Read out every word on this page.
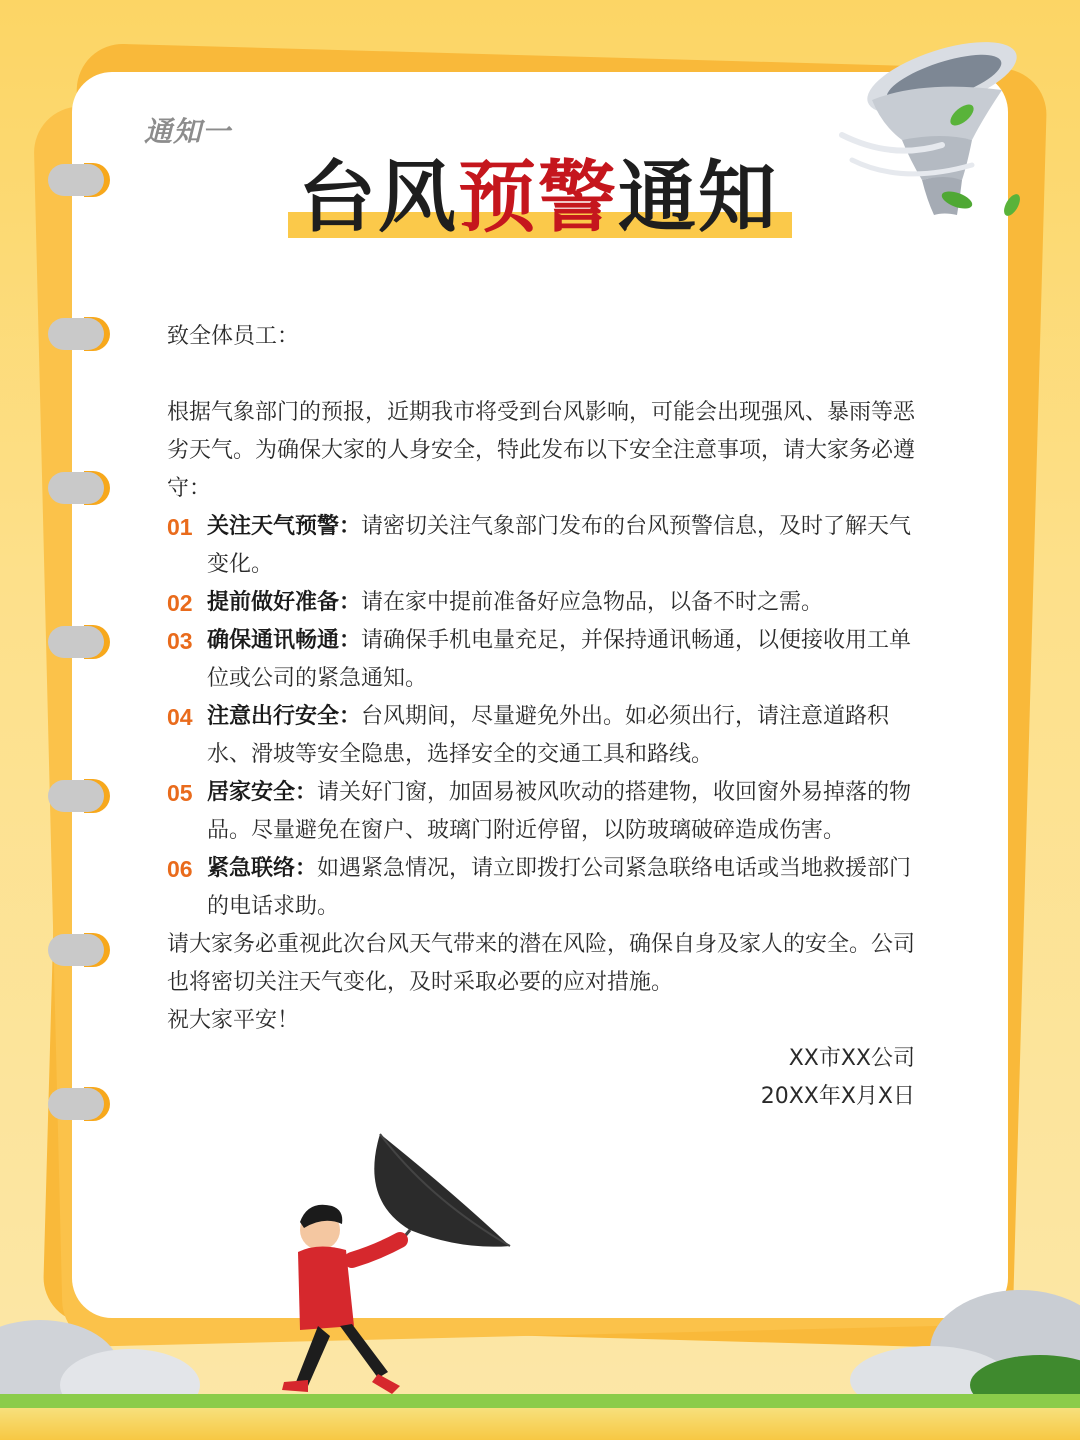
通知一
台风预警通知

致全体员工：

根据气象部门的预报，近期我市将受到台风影响，可能会出现强风、暴雨等恶劣天气。为确保大家的人身安全，特此发布以下安全注意事项，请大家务必遵守：

01 关注天气预警：请密切关注气象部门发布的台风预警信息，及时了解天气变化。

02 提前做好准备：请在家中提前准备好应急物品，以备不时之需。

03 确保通讯畅通：请确保手机电量充足，并保持通讯畅通，以便接收用工单位或公司的紧急通知。

04 注意出行安全：台风期间，尽量避免外出。如必须出行，请注意道路积水、滑坡等安全隐患，选择安全的交通工具和路线。

05 居家安全：请关好门窗，加固易被风吹动的搭建物，收回窗外易掉落的物品。尽量避免在窗户、玻璃门附近停留，以防玻璃破碎造成伤害。

06 紧急联络：如遇紧急情况，请立即拨打公司紧急联络电话或当地救援部门的电话求助。

请大家务必重视此次台风天气带来的潜在风险，确保自身及家人的安全。公司也将密切关注天气变化，及时采取必要的应对措施。

祝大家平安！

XX市XX公司

20XX年X月X日
